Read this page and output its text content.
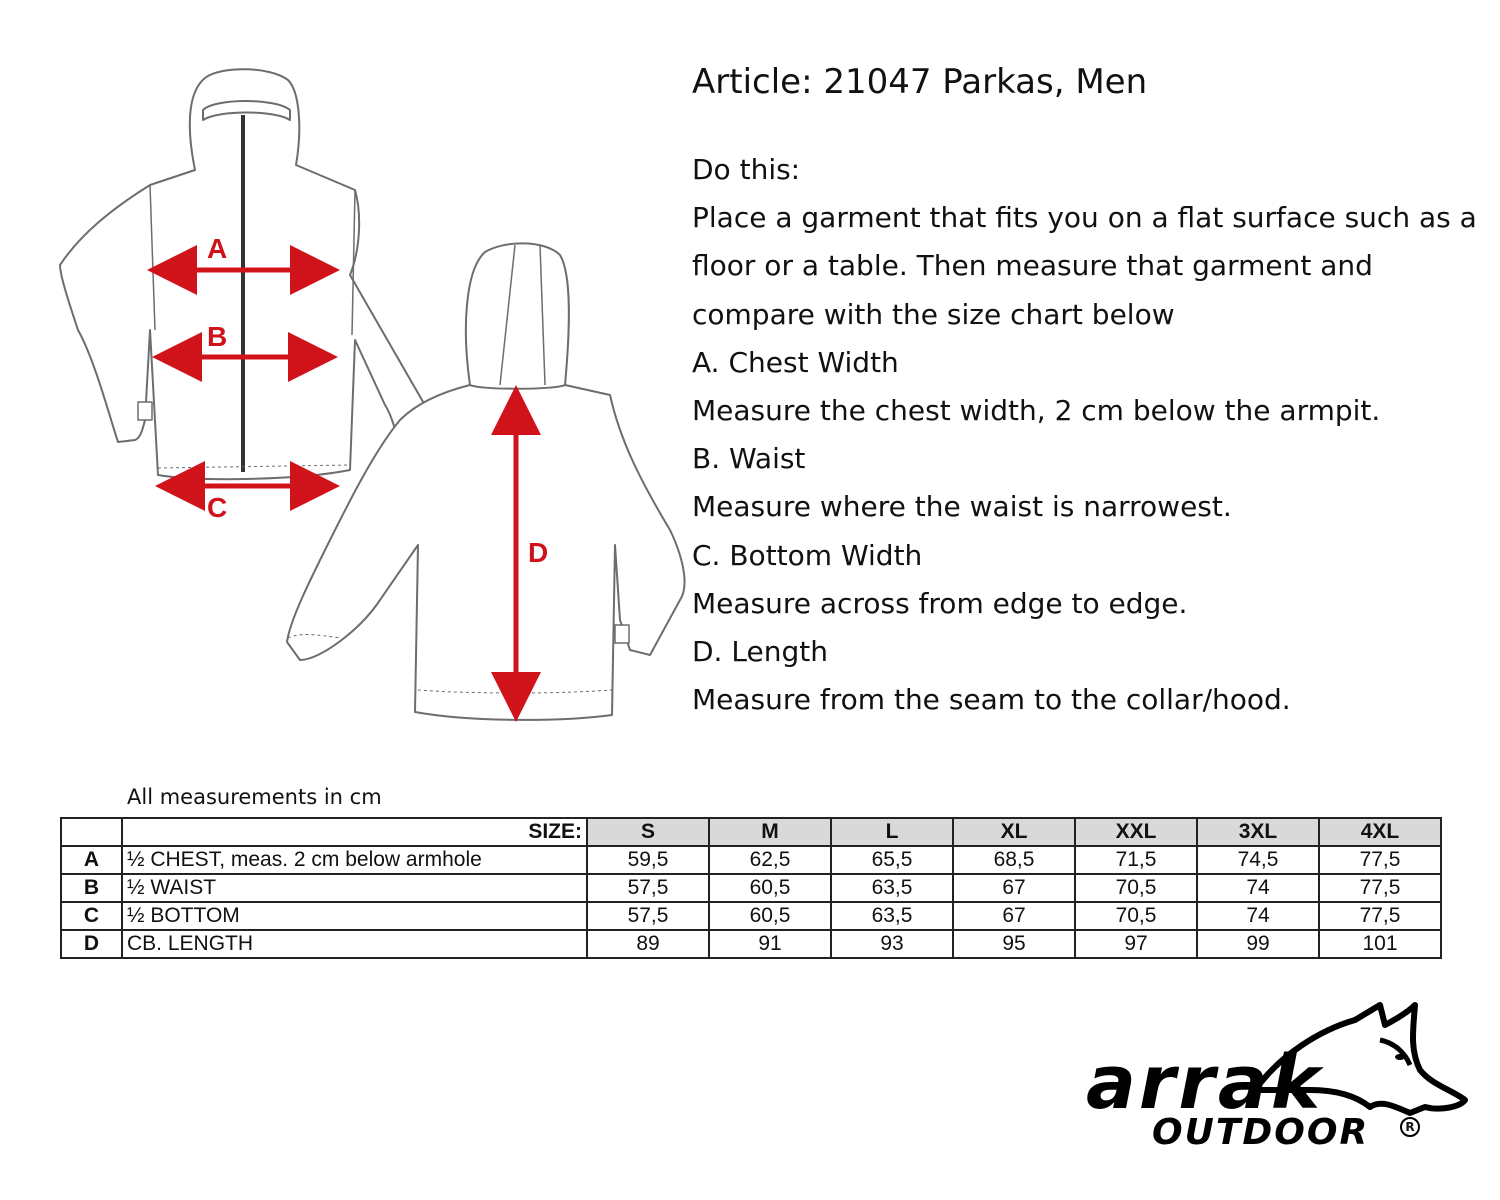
A
B
C
D
Article: 21047 Parkas, Men
Do this:
Place a garment that fits you on a flat surface such as a
floor or a table. Then measure that garment and
compare with the size chart below
A. Chest Width
Measure the chest width, 2 cm below the armpit.
B. Waist
Measure where the waist is narrowest.
C. Bottom Width
Measure across from edge to edge.
D. Length
Measure from the seam to the collar/hood.
All measurements in cm
	SIZE:	S	M	L	XL	XXL	3XL	4XL
A	½ CHEST, meas. 2 cm below armhole	59,5	62,5	65,5	68,5	71,5	74,5	77,5
B	½ WAIST	57,5	60,5	63,5	67	70,5	74	77,5
C	½ BOTTOM	57,5	60,5	63,5	67	70,5	74	77,5
D	CB. LENGTH	89	91	93	95	97	99	101
arrak
OUTDOOR	R
